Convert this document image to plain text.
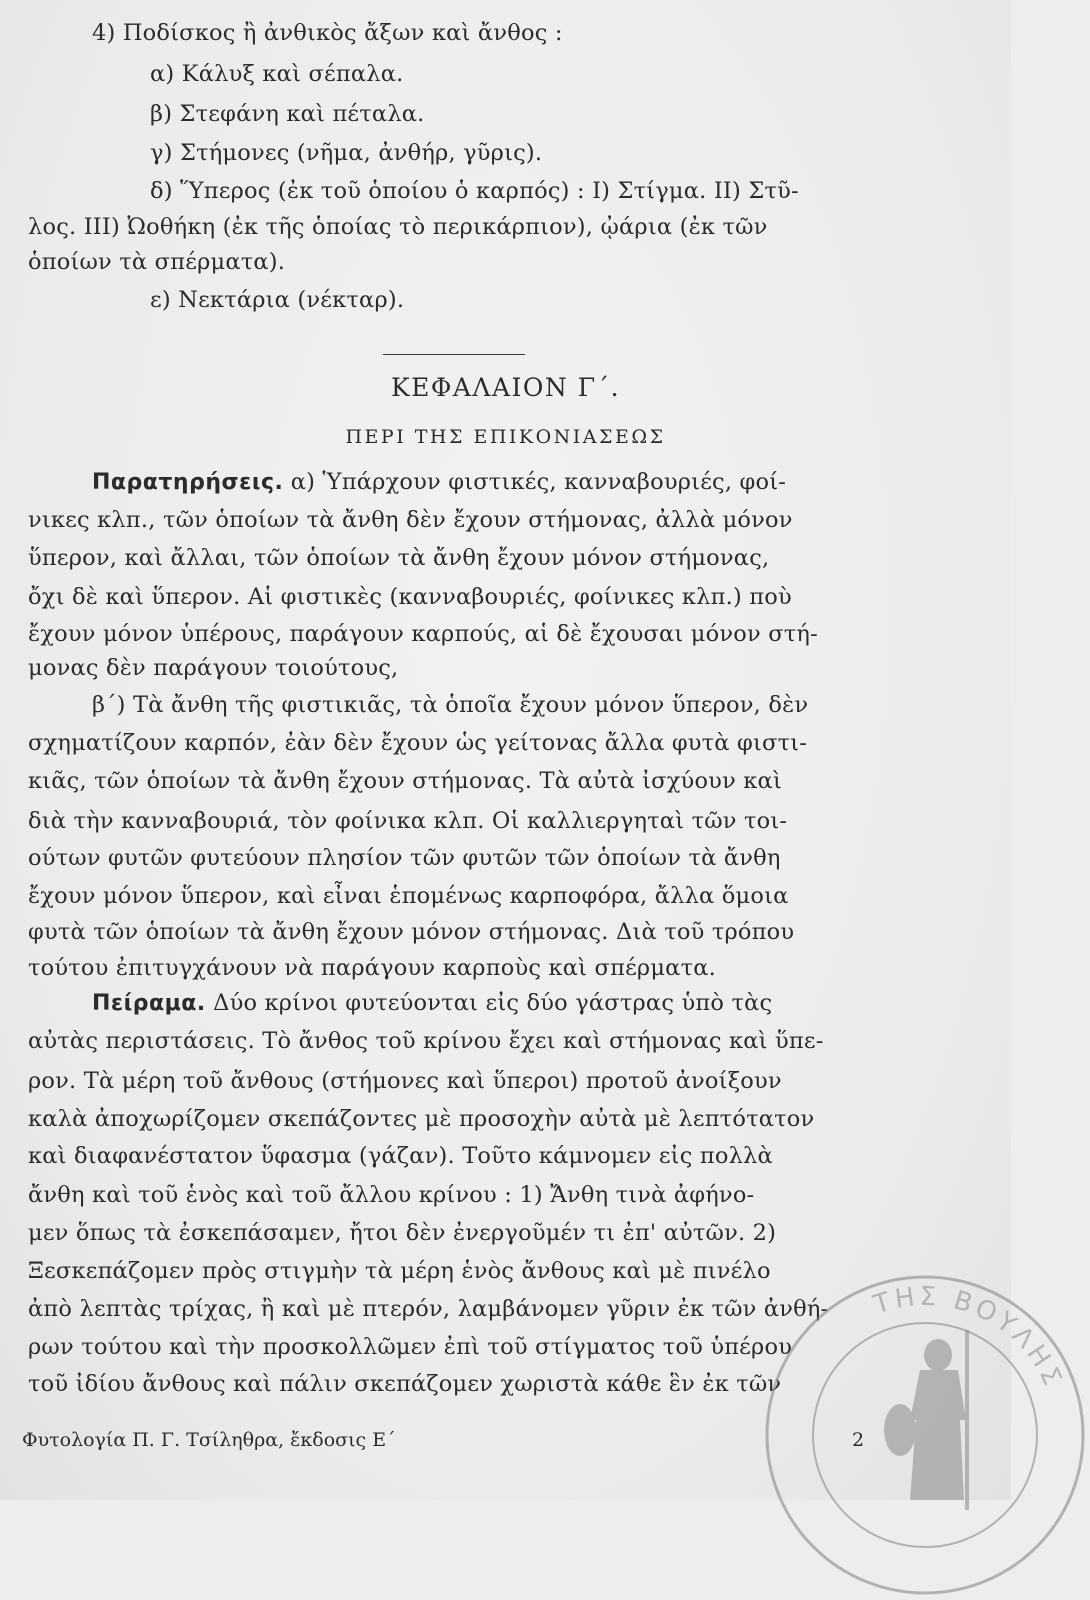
4) Ποδίσκος ἢ ἀνθικὸς ἄξων καὶ ἄνθος :
α) Κάλυξ καὶ σέπαλα.
β) Στεφάνη καὶ πέταλα.
γ) Στήμονες (νῆμα, ἀνθήρ, γῦρις).
δ) Ὕπερος (ἐκ τοῦ ὁποίου ὁ καρπός) : Ι) Στίγμα. ΙΙ) Στῦ-
λος. ΙΙΙ) Ὠοθήκη (ἐκ τῆς ὁποίας τὸ περικάρπιον), ᾠάρια (ἐκ τῶν
ὁποίων τὰ σπέρματα).
ε) Νεκτάρια (νέκταρ).
ΚΕΦΑΛΑΙΟΝ Γ΄.
ΠΕΡΙ ΤΗΣ ΕΠΙΚΟΝΙΑΣΕΩΣ
Παρατηρήσεις. α) Ὑπάρχουν φιστικές, κανναβουριές, φοί-
νικες κλπ., τῶν ὁποίων τὰ ἄνθη δὲν ἔχουν στήμονας, ἀλλὰ μόνον
ὕπερον, καὶ ἄλλαι, τῶν ὁποίων τὰ ἄνθη ἔχουν μόνον στήμονας,
ὄχι δὲ καὶ ὕπερον. Αἱ φιστικὲς (κανναβουριές, φοίνικες κλπ.) ποὺ
ἔχουν μόνον ὑπέρους, παράγουν καρπούς, αἱ δὲ ἔχουσαι μόνον στή-
μονας δὲν παράγουν τοιούτους,
β΄) Τὰ ἄνθη τῆς φιστικιᾶς, τὰ ὁποῖα ἔχουν μόνον ὕπερον, δὲν
σχηματίζουν καρπόν, ἐὰν δὲν ἔχουν ὡς γείτονας ἄλλα φυτὰ φιστι-
κιᾶς, τῶν ὁποίων τὰ ἄνθη ἔχουν στήμονας. Τὰ αὐτὰ ἰσχύουν καὶ
διὰ τὴν κανναβουριά, τὸν φοίνικα κλπ. Οἱ καλλιεργηταὶ τῶν τοι-
ούτων φυτῶν φυτεύουν πλησίον τῶν φυτῶν τῶν ὁποίων τὰ ἄνθη
ἔχουν μόνον ὕπερον, καὶ εἶναι ἑπομένως καρποφόρα, ἄλλα ὅμοια
φυτὰ τῶν ὁποίων τὰ ἄνθη ἔχουν μόνον στήμονας. Διὰ τοῦ τρόπου
τούτου ἐπιτυγχάνουν νὰ παράγουν καρποὺς καὶ σπέρματα.
Πείραμα. Δύο κρίνοι φυτεύονται εἰς δύο γάστρας ὑπὸ τὰς
αὐτὰς περιστάσεις. Τὸ ἄνθος τοῦ κρίνου ἔχει καὶ στήμονας καὶ ὕπε-
ρον. Τὰ μέρη τοῦ ἄνθους (στήμονες καὶ ὕπεροι) προτοῦ ἀνοίξουν
καλὰ ἀποχωρίζομεν σκεπάζοντες μὲ προσοχὴν αὐτὰ μὲ λεπτότατον
καὶ διαφανέστατον ὕφασμα (γάζαν). Τοῦτο κάμνομεν εἰς πολλὰ
ἄνθη καὶ τοῦ ἑνὸς καὶ τοῦ ἄλλου κρίνου : 1) Ἄνθη τινὰ ἀφήνο-
μεν ὅπως τὰ ἐσκεπάσαμεν, ἤτοι δὲν ἐνεργοῦμέν τι ἐπ' αὐτῶν. 2)
Ξεσκεπάζομεν πρὸς στιγμὴν τὰ μέρη ἑνὸς ἄνθους καὶ μὲ πινέλο
ἀπὸ λεπτὰς τρίχας, ἢ καὶ μὲ πτερόν, λαμβάνομεν γῦριν ἐκ τῶν ἀνθή-
ρων τούτου καὶ τὴν προσκολλῶμεν ἐπὶ τοῦ στίγματος τοῦ ὑπέρου
τοῦ ἰδίου ἄνθους καὶ πάλιν σκεπάζομεν χωριστὰ κάθε ἓν ἐκ τῶν
Φυτολογία Π. Γ. Τσίληθρα, ἔκδοσις Ε΄	2
ΤΗΣ ΒΟΥΛΗΣ
